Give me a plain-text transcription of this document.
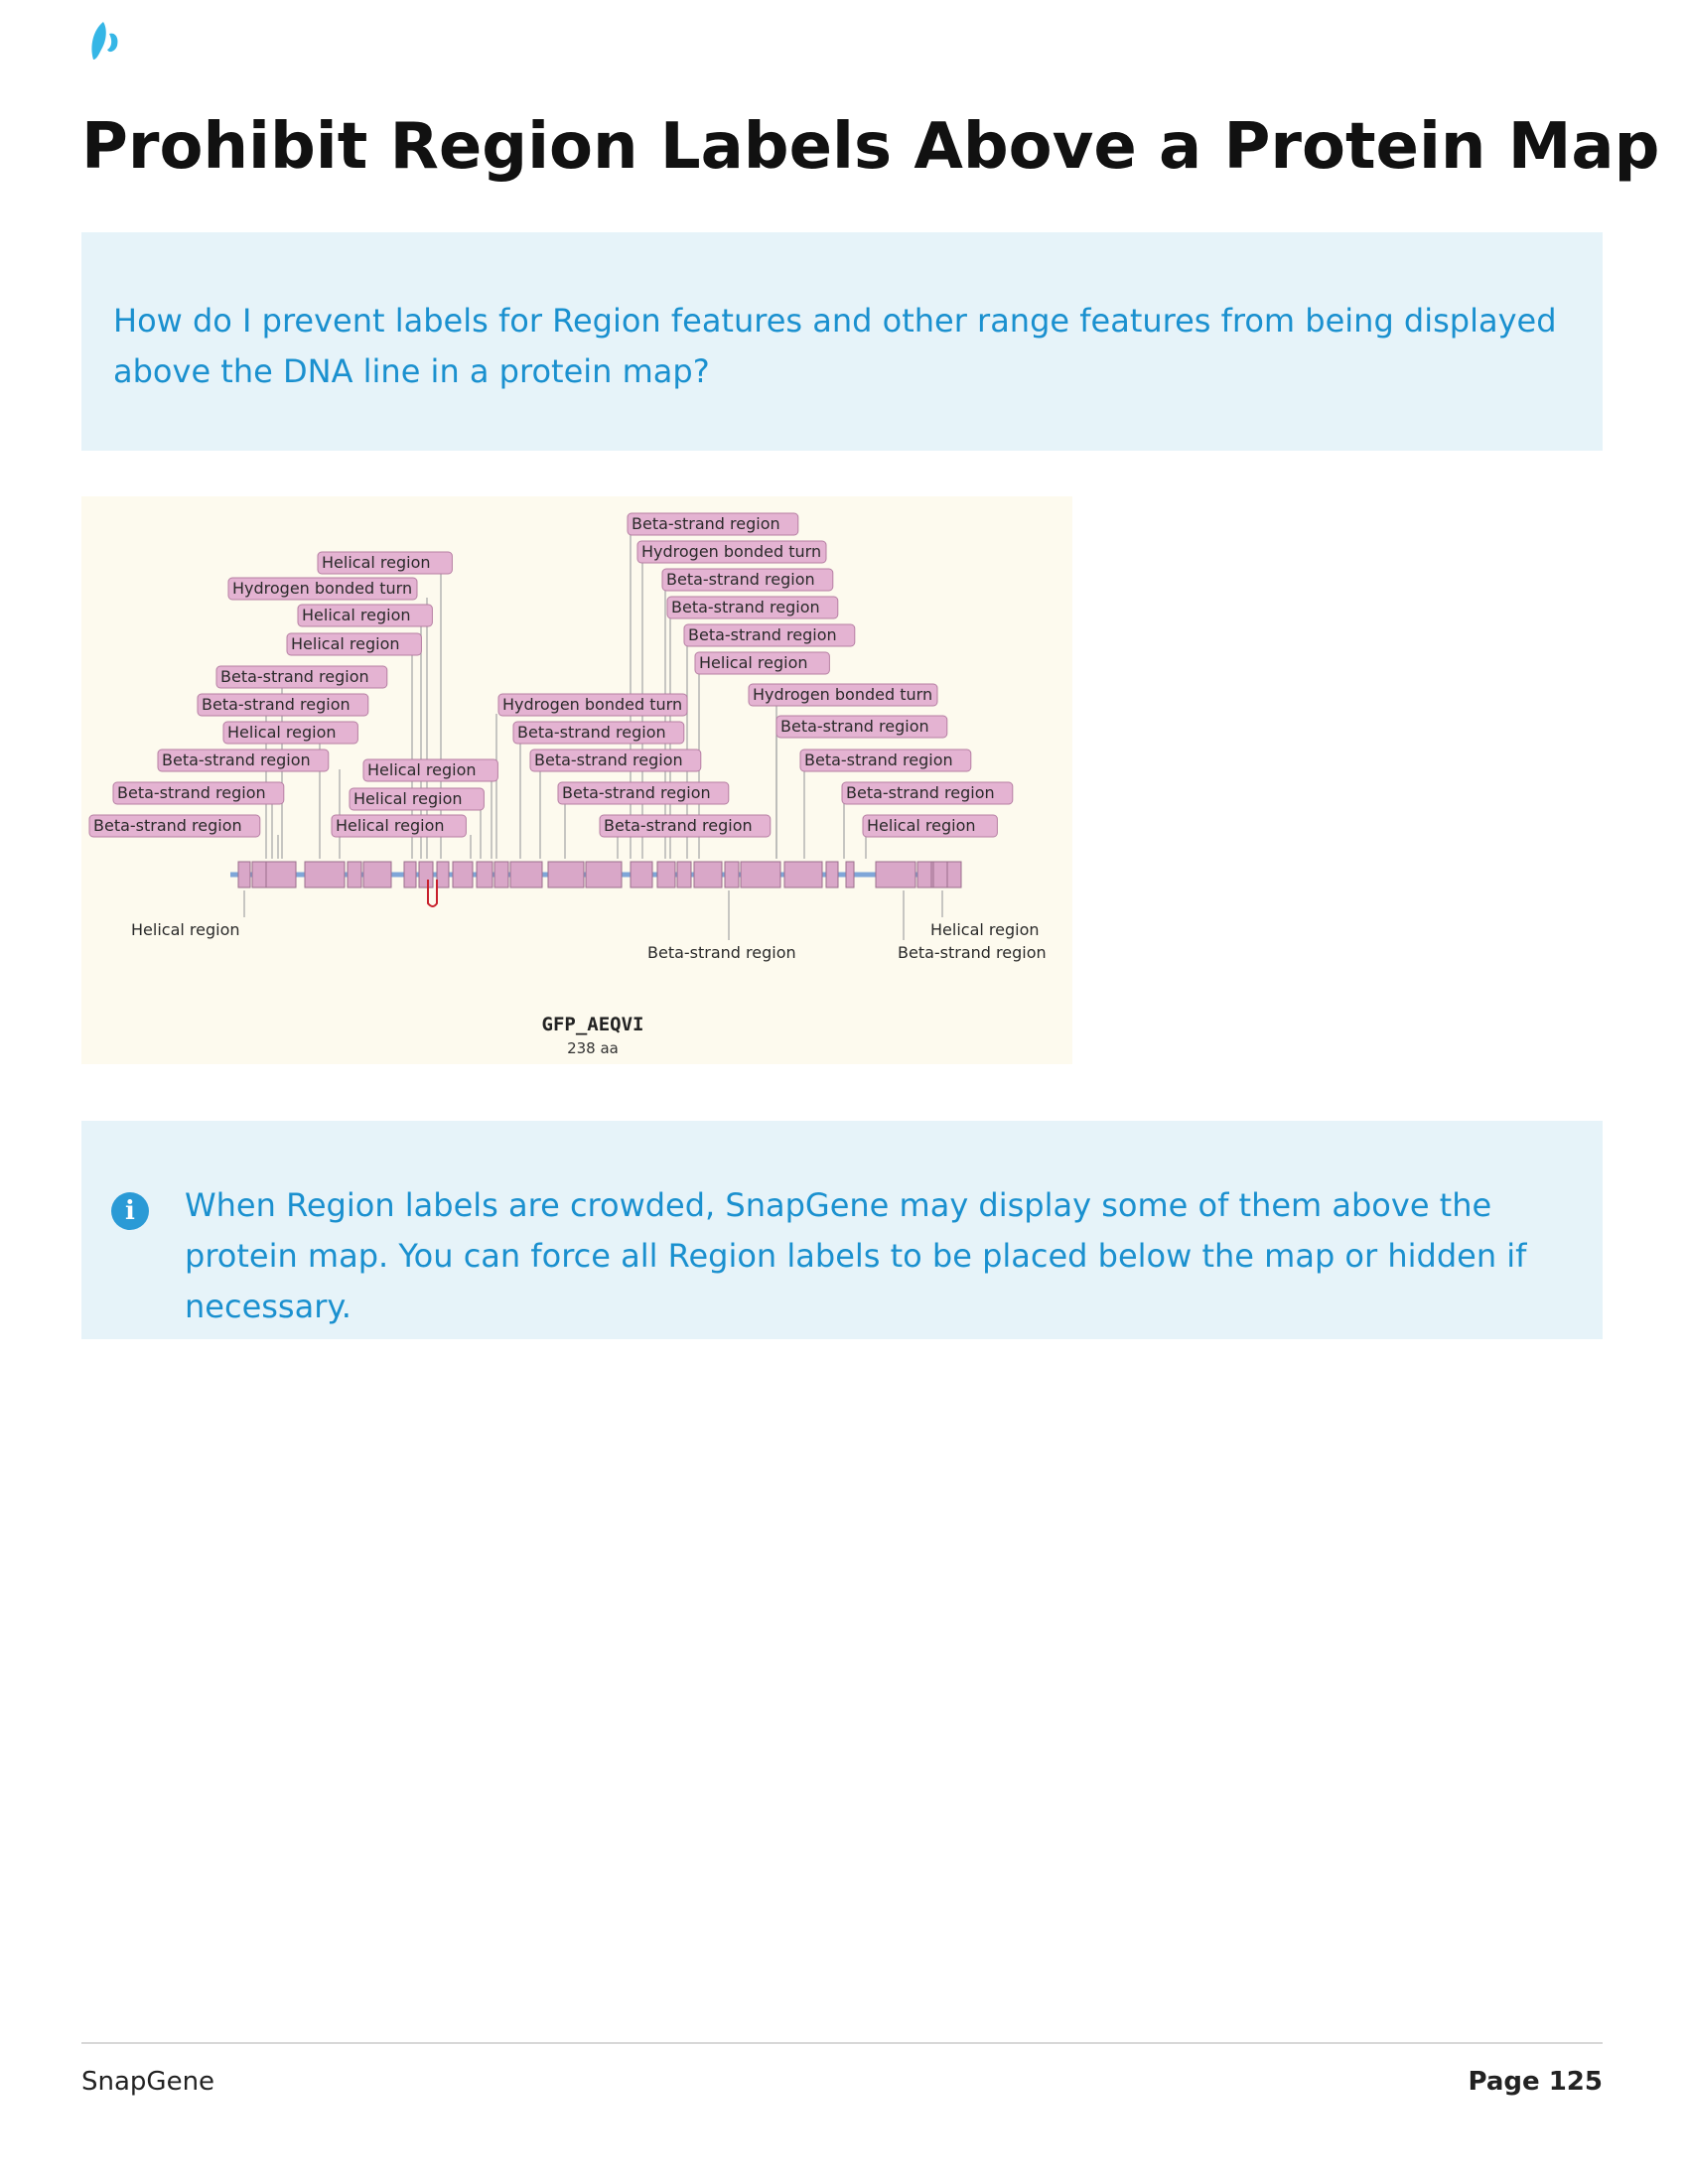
Prohibit Region Labels Above a Protein Map

How do I prevent labels for Region features and other range features from being displayed above the DNA line in a protein map?

Beta-strand region
Hydrogen bonded turn
Beta-strand region
Beta-strand region
Beta-strand region
Helical region
Helical region
Hydrogen bonded turn
Helical region
Helical region
Beta-strand region
Beta-strand region
Helical region
Beta-strand region
Beta-strand region
Beta-strand region
Hydrogen bonded turn
Beta-strand region
Beta-strand region
Helical region
Beta-strand region
Helical region
Helical region	Beta-strand region
Hydrogen bonded turn
Beta-strand region
Beta-strand region
Beta-strand region
Helical region
Helical region
Beta-strand region
Helical region
Beta-strand region
GFP_AEQVI
238 aa
i	When Region labels are crowded, SnapGene may display some of them above the protein map. You can force all Region labels to be placed below the map or hidden if necessary.

SnapGene	Page 125
